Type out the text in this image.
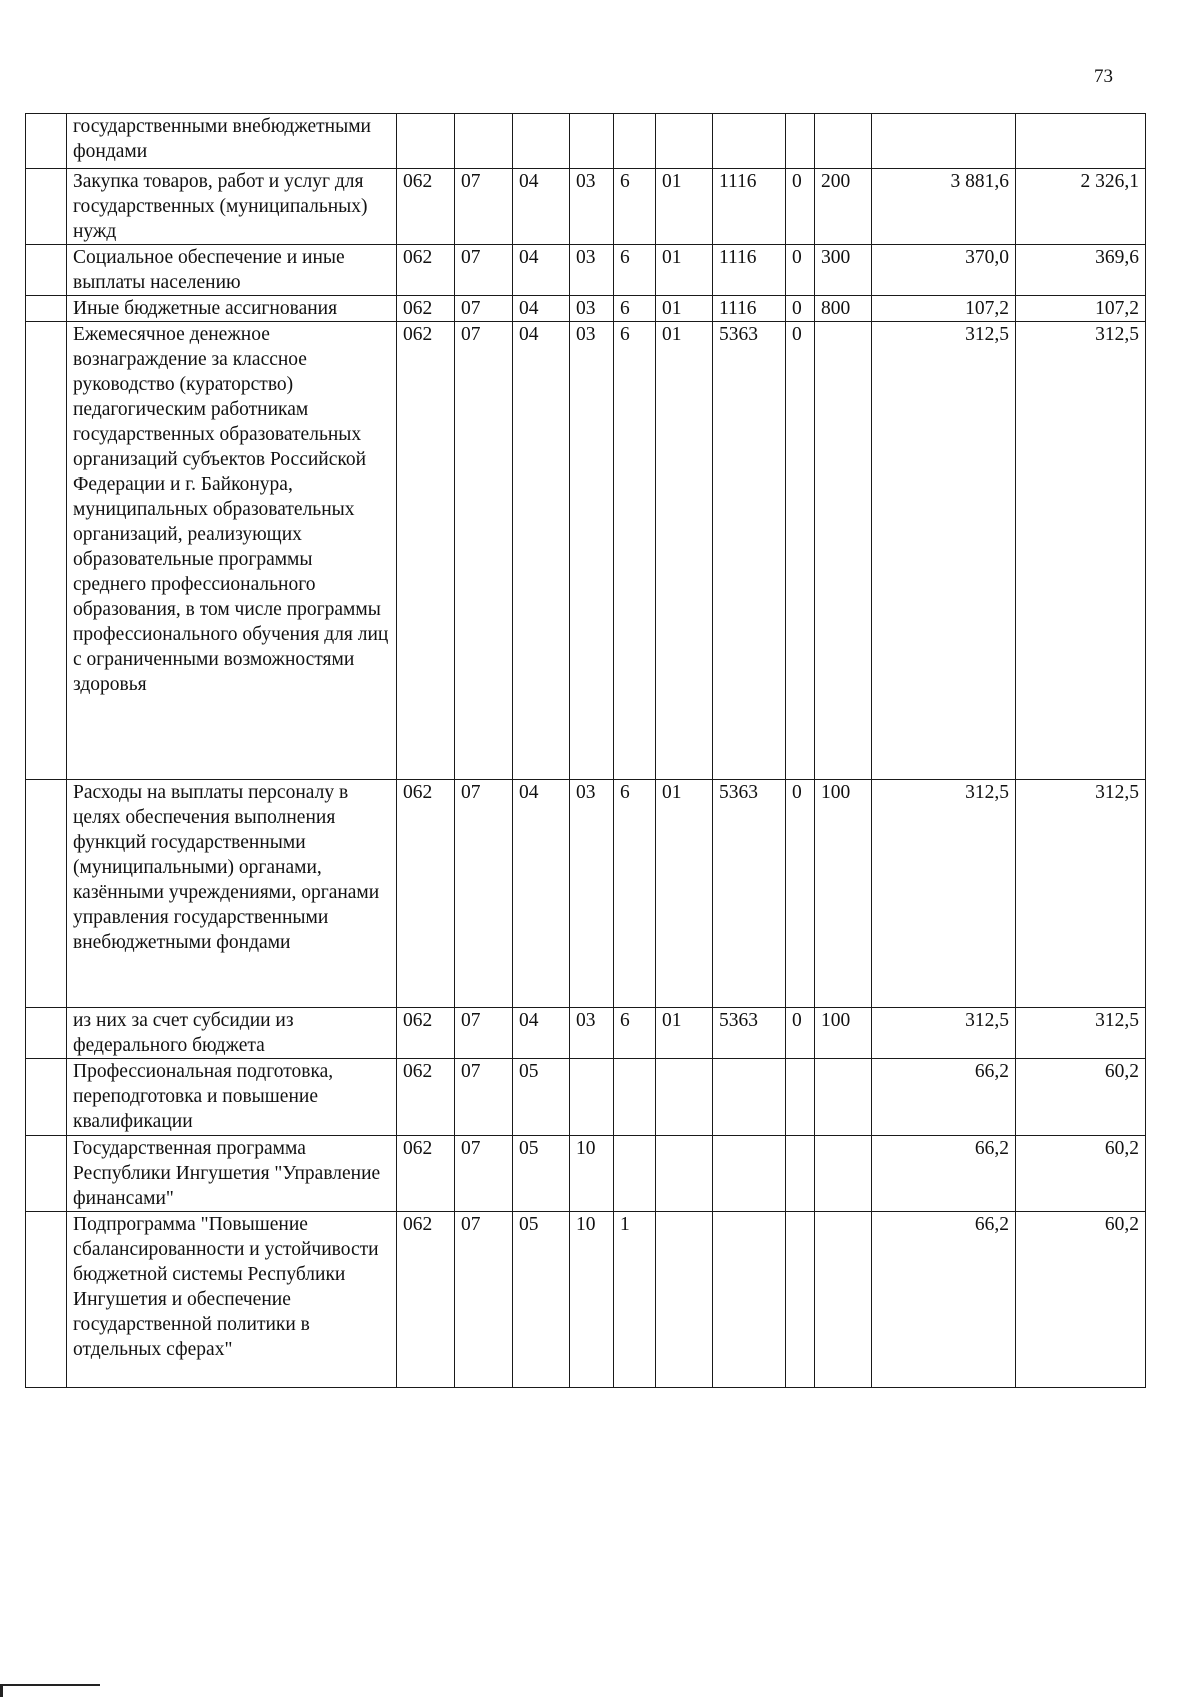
73
	государственными внебюджетными фондами											
	Закупка товаров, работ и услуг для государственных (муниципальных) нужд	062	07	04	03	6	01	1116	0	200	3 881,6	2 326,1
	Социальное обеспечение и иные выплаты населению	062	07	04	03	6	01	1116	0	300	370,0	369,6
	Иные бюджетные ассигнования	062	07	04	03	6	01	1116	0	800	107,2	107,2
	Ежемесячное денежное вознаграждение за классное руководство (кураторство) педагогическим работникам государственных образовательных организаций субъектов Российской Федерации и г. Байконура, муниципальных образовательных организаций, реализующих образовательные программы среднего профессионального образования, в том числе программы профессионального обучения для лиц с ограниченными возможностями здоровья	062	07	04	03	6	01	5363	0		312,5	312,5
	Расходы на выплаты персоналу в целях обеспечения выполнения функций государственными (муниципальными) органами, казёнными учреждениями, органами управления государственными внебюджетными фондами	062	07	04	03	6	01	5363	0	100	312,5	312,5
	из них за счет субсидии из федерального бюджета	062	07	04	03	6	01	5363	0	100	312,5	312,5
	Профессиональная подготовка, переподготовка и повышение квалификации	062	07	05							66,2	60,2
	Государственная программа Республики Ингушетия "Управление финансами"	062	07	05	10						66,2	60,2
	Подпрограмма "Повышение сбалансированности и устойчивости бюджетной системы Республики Ингушетия и обеспечение государственной политики в отдельных сферах"	062	07	05	10	1					66,2	60,2
